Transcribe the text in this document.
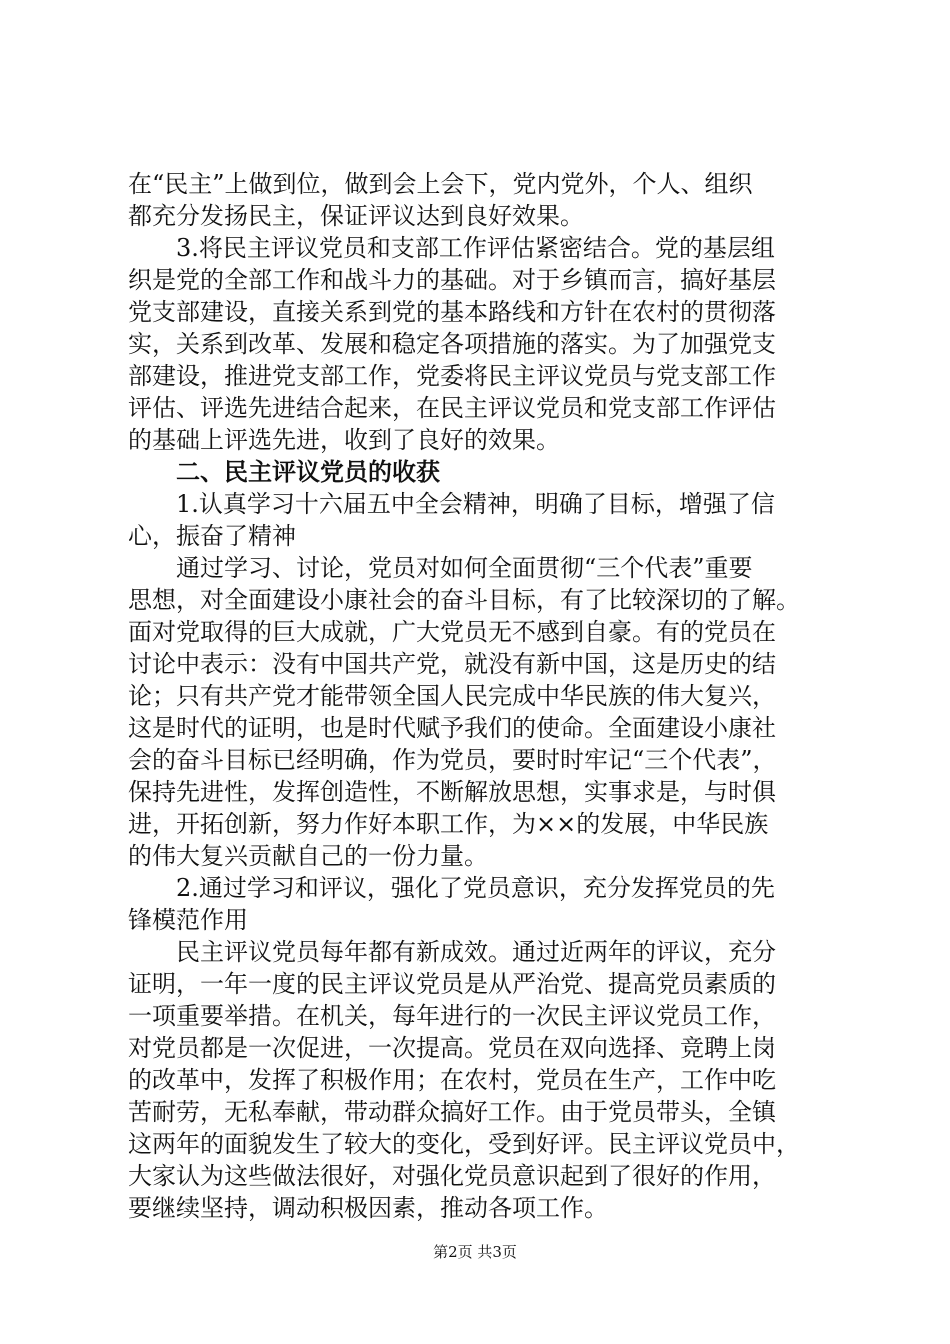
在“民主”上做到位，做到会上会下，党内党外，个人、组织
都充分发扬民主，保证评议达到良好效果。
3.将民主评议党员和支部工作评估紧密结合。党的基层组
织是党的全部工作和战斗力的基础。对于乡镇而言，搞好基层
党支部建设，直接关系到党的基本路线和方针在农村的贯彻落
实，关系到改革、发展和稳定各项措施的落实。为了加强党支
部建设，推进党支部工作，党委将民主评议党员与党支部工作
评估、评选先进结合起来，在民主评议党员和党支部工作评估
的基础上评选先进，收到了良好的效果。
二、民主评议党员的收获
1.认真学习十六届五中全会精神，明确了目标，增强了信
心，振奋了精神
通过学习、讨论，党员对如何全面贯彻“三个代表”重要
思想，对全面建设小康社会的奋斗目标，有了比较深切的了解。
面对党取得的巨大成就，广大党员无不感到自豪。有的党员在
讨论中表示：没有中国共产党，就没有新中国，这是历史的结
论；只有共产党才能带领全国人民完成中华民族的伟大复兴，
这是时代的证明，也是时代赋予我们的使命。全面建设小康社
会的奋斗目标已经明确，作为党员，要时时牢记“三个代表”，
保持先进性，发挥创造性，不断解放思想，实事求是，与时俱
进，开拓创新，努力作好本职工作，为××的发展，中华民族
的伟大复兴贡献自己的一份力量。
2.通过学习和评议，强化了党员意识，充分发挥党员的先
锋模范作用
民主评议党员每年都有新成效。通过近两年的评议，充分
证明，一年一度的民主评议党员是从严治党、提高党员素质的
一项重要举措。在机关，每年进行的一次民主评议党员工作，
对党员都是一次促进，一次提高。党员在双向选择、竞聘上岗
的改革中，发挥了积极作用；在农村，党员在生产，工作中吃
苦耐劳，无私奉献，带动群众搞好工作。由于党员带头，全镇
这两年的面貌发生了较大的变化，受到好评。民主评议党员中，
大家认为这些做法很好，对强化党员意识起到了很好的作用，
要继续坚持，调动积极因素，推动各项工作。
第2页 共3页
